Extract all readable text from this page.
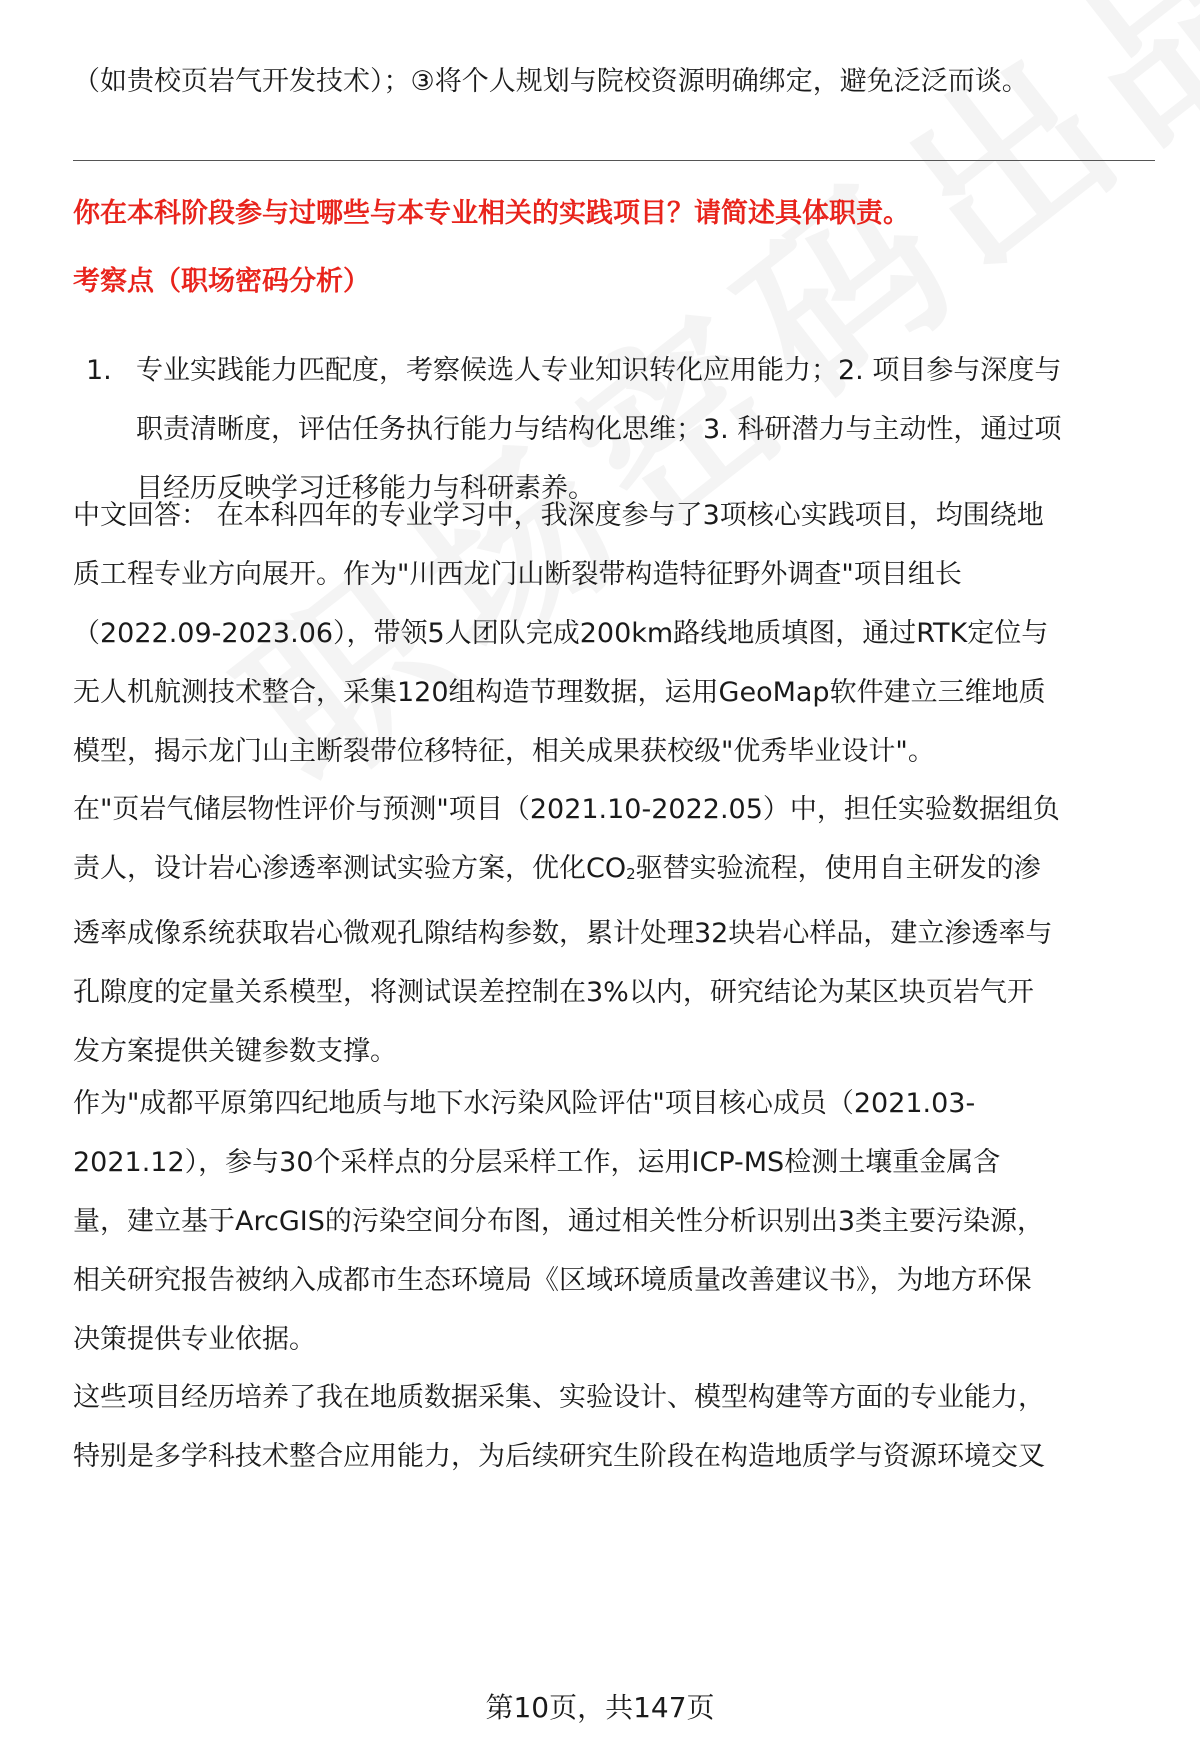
（如贵校页岩气开发技术）；③将个人规划与院校资源明确绑定，避免泛泛而谈。
你在本科阶段参与过哪些与本专业相关的实践项目？请简述具体职责。
考察点（职场密码分析）
1. 专业实践能力匹配度，考察候选人专业知识转化应用能力；2. 项目参与深度与
职责清晰度，评估任务执行能力与结构化思维；3. 科研潜力与主动性，通过项
目经历反映学习迁移能力与科研素养。
中文回答： 在本科四年的专业学习中，我深度参与了3项核心实践项目，均围绕地
质工程专业方向展开。作为"川西龙门山断裂带构造特征野外调查"项目组长
（2022.09-2023.06），带领5人团队完成200km路线地质填图，通过RTK定位与
无人机航测技术整合，采集120组构造节理数据，运用GeoMap软件建立三维地质
模型，揭示龙门山主断裂带位移特征，相关成果获校级"优秀毕业设计"。
在"页岩气储层物性评价与预测"项目（2021.10-2022.05）中，担任实验数据组负
责人，设计岩心渗透率测试实验方案，优化CO2驱替实验流程，使用自主研发的渗
透率成像系统获取岩心微观孔隙结构参数，累计处理32块岩心样品，建立渗透率与
孔隙度的定量关系模型，将测试误差控制在3%以内，研究结论为某区块页岩气开
发方案提供关键参数支撑。
作为"成都平原第四纪地质与地下水污染风险评估"项目核心成员（2021.03-
2021.12），参与30个采样点的分层采样工作，运用ICP-MS检测土壤重金属含
量，建立基于ArcGIS的污染空间分布图，通过相关性分析识别出3类主要污染源，
相关研究报告被纳入成都市生态环境局《区域环境质量改善建议书》，为地方环保
决策提供专业依据。
这些项目经历培养了我在地质数据采集、实验设计、模型构建等方面的专业能力，
特别是多学科技术整合应用能力，为后续研究生阶段在构造地质学与资源环境交叉
第10页，共147页
